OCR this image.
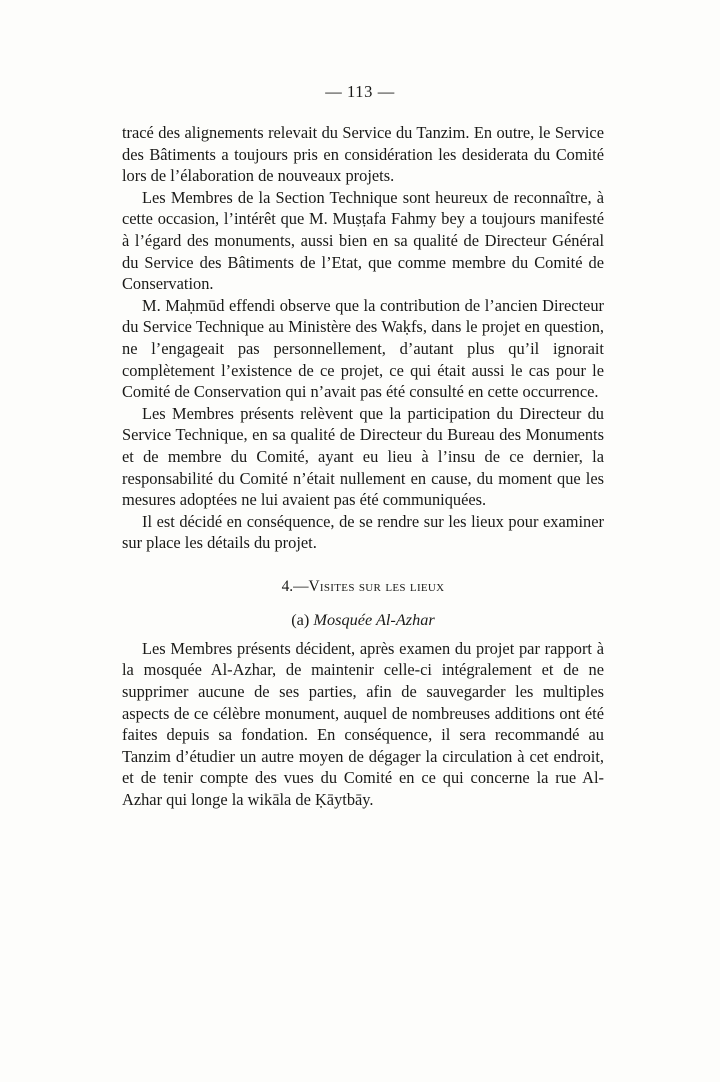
— 113 —

tracé des alignements relevait du Service du Tanzim. En outre, le Service des Bâtiments a toujours pris en considération les desiderata du Comité lors de l’élaboration de nouveaux projets.

Les Membres de la Section Technique sont heureux de reconnaître, à cette occasion, l’intérêt que M. Muṣṭafa Fahmy bey a toujours manifesté à l’égard des monuments, aussi bien en sa qualité de Directeur Général du Service des Bâtiments de l’Etat, que comme membre du Comité de Conservation.

M. Maḥmūd effendi observe que la contribution de l’ancien Directeur du Service Technique au Ministère des Waḳfs, dans le projet en question, ne l’engageait pas personnellement, d’autant plus qu’il ignorait complètement l’existence de ce projet, ce qui était aussi le cas pour le Comité de Conservation qui n’avait pas été consulté en cette occurrence.

Les Membres présents relèvent que la participation du Directeur du Service Technique, en sa qualité de Directeur du Bureau des Monuments et de membre du Comité, ayant eu lieu à l’insu de ce dernier, la responsabilité du Comité n’était nullement en cause, du moment que les mesures adoptées ne lui avaient pas été communiquées.

Il est décidé en conséquence, de se rendre sur les lieux pour examiner sur place les détails du projet.

4.—Visites sur les lieux
(a) Mosquée Al-Azhar

Les Membres présents décident, après examen du projet par rapport à la mosquée Al-Azhar, de maintenir celle-ci intégralement et de ne supprimer aucune de ses parties, afin de sauvegarder les multiples aspects de ce célèbre monument, auquel de nombreuses additions ont été faites depuis sa fondation. En conséquence, il sera recommandé au Tanzim d’étudier un autre moyen de dégager la circulation à cet endroit, et de tenir compte des vues du Comité en ce qui concerne la rue Al-Azhar qui longe la wikāla de Ḳāytbāy.
